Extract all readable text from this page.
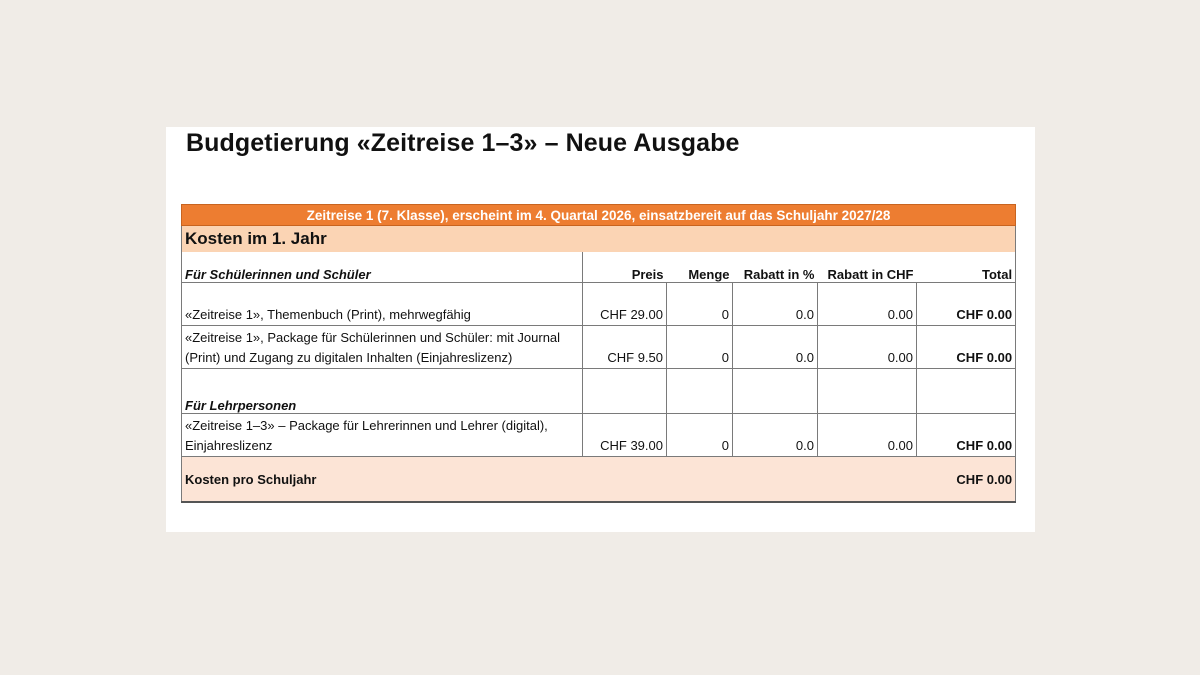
Budgetierung «Zeitreise 1–3» – Neue Ausgabe
Zeitreise 1 (7. Klasse), erscheint im 4. Quartal 2026, einsatzbereit auf das Schuljahr 2027/28					
Kosten im 1. Jahr					
Für Schülerinnen und Schüler	Preis	Menge	Rabatt in %	Rabatt in CHF	Total
«Zeitreise 1», Themenbuch (Print), mehrwegfähig	CHF 29.00	0	0.0	0.00	CHF 0.00
«Zeitreise 1», Package für Schülerinnen und Schüler: mit Journal (Print) und Zugang zu digitalen Inhalten (Einjahreslizenz)	CHF 9.50	0	0.0	0.00	CHF 0.00
Für Lehrpersonen					
«Zeitreise 1–3» – Package für Lehrerinnen und Lehrer (digital), Einjahreslizenz	CHF 39.00	0	0.0	0.00	CHF 0.00
Kosten pro Schuljahr					CHF 0.00
